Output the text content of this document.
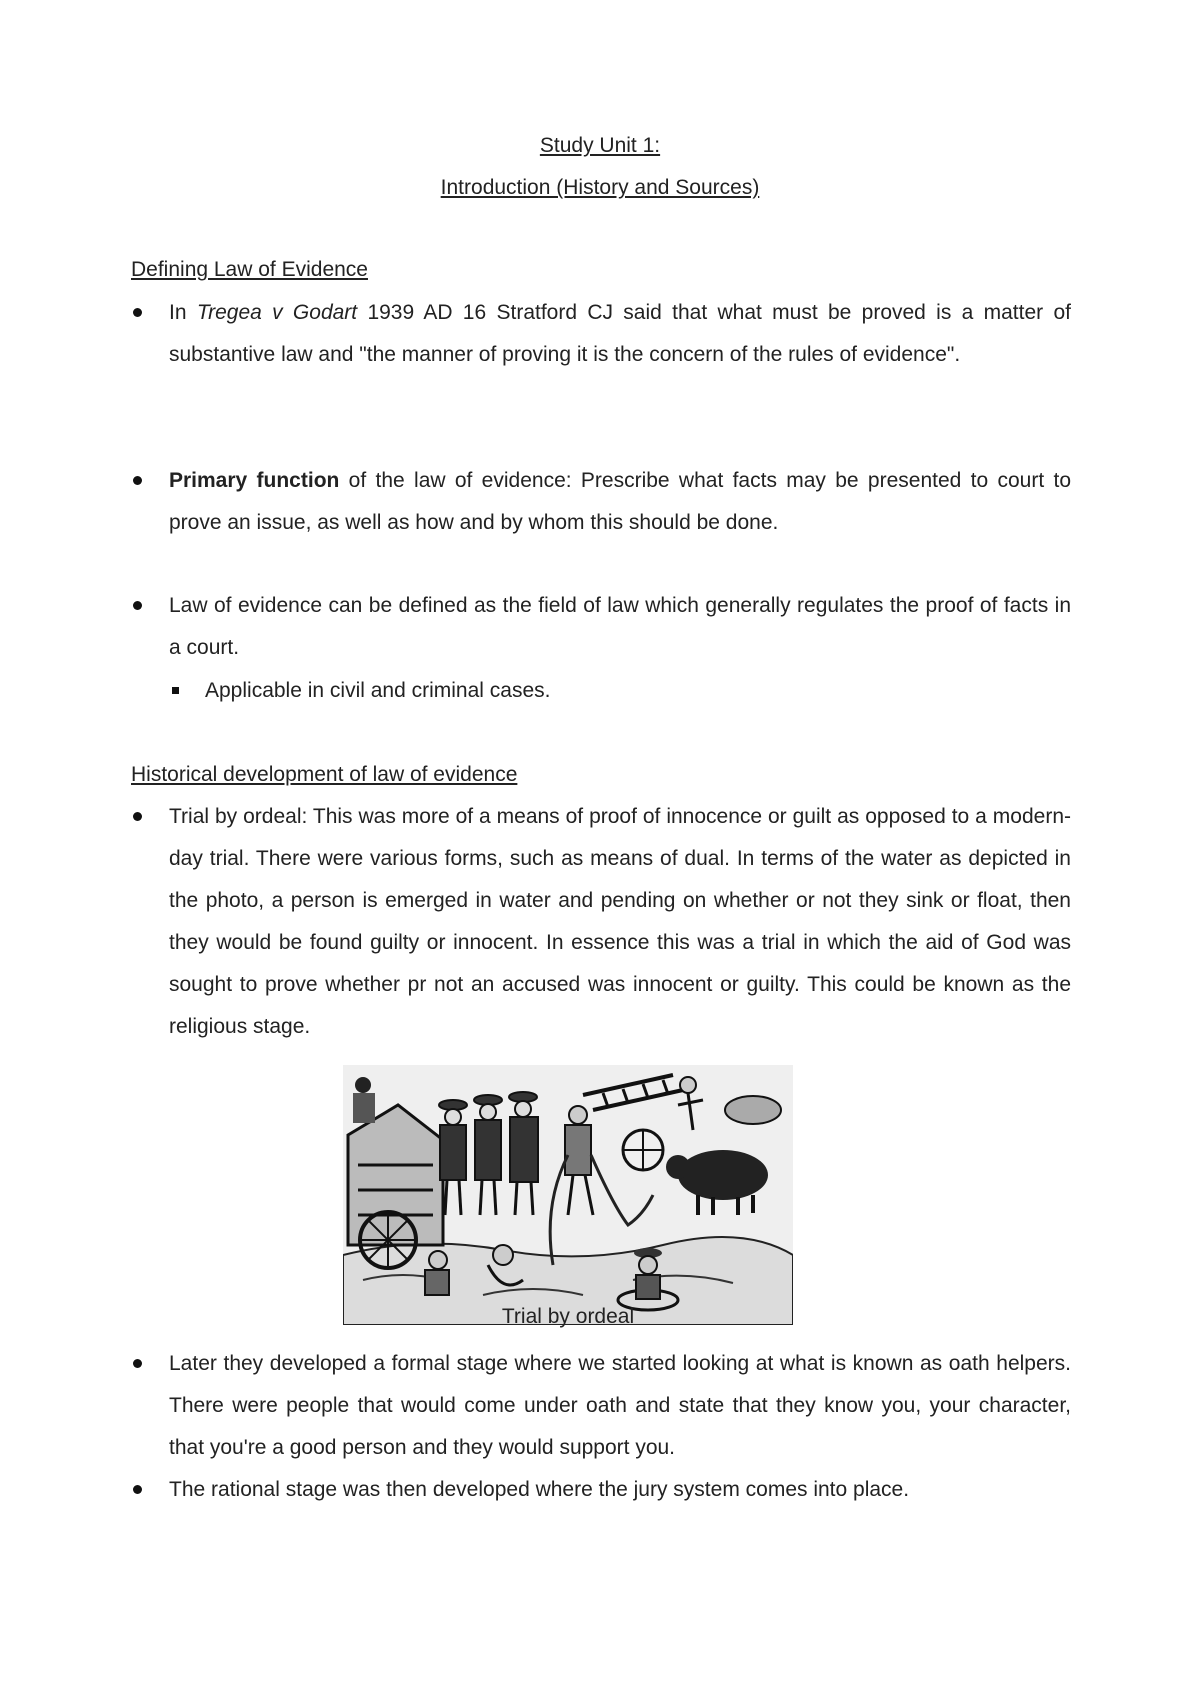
Study Unit 1:
Introduction (History and Sources)
Defining Law of Evidence
In Tregea v Godart 1939 AD 16 Stratford CJ said that what must be proved is a matter of substantive law and "the manner of proving it is the concern of the rules of evidence".
Primary function of the law of evidence: Prescribe what facts may be presented to court to prove an issue, as well as how and by whom this should be done.
Law of evidence can be defined as the field of law which generally regulates the proof of facts in a court.
Applicable in civil and criminal cases.
Historical development of law of evidence
Trial by ordeal: This was more of a means of proof of innocence or guilt as opposed to a modern-day trial. There were various forms, such as means of dual. In terms of the water as depicted in the photo, a person is emerged in water and pending on whether or not they sink or float, then they would be found guilty or innocent. In essence this was a trial in which the aid of God was sought to prove whether pr not an accused was innocent or guilty. This could be known as the religious stage.
Trial by ordeal
Later they developed a formal stage where we started looking at what is known as oath helpers. There were people that would come under oath and state that they know you, your character, that you're a good person and they would support you.
The rational stage was then developed where the jury system comes into place.
